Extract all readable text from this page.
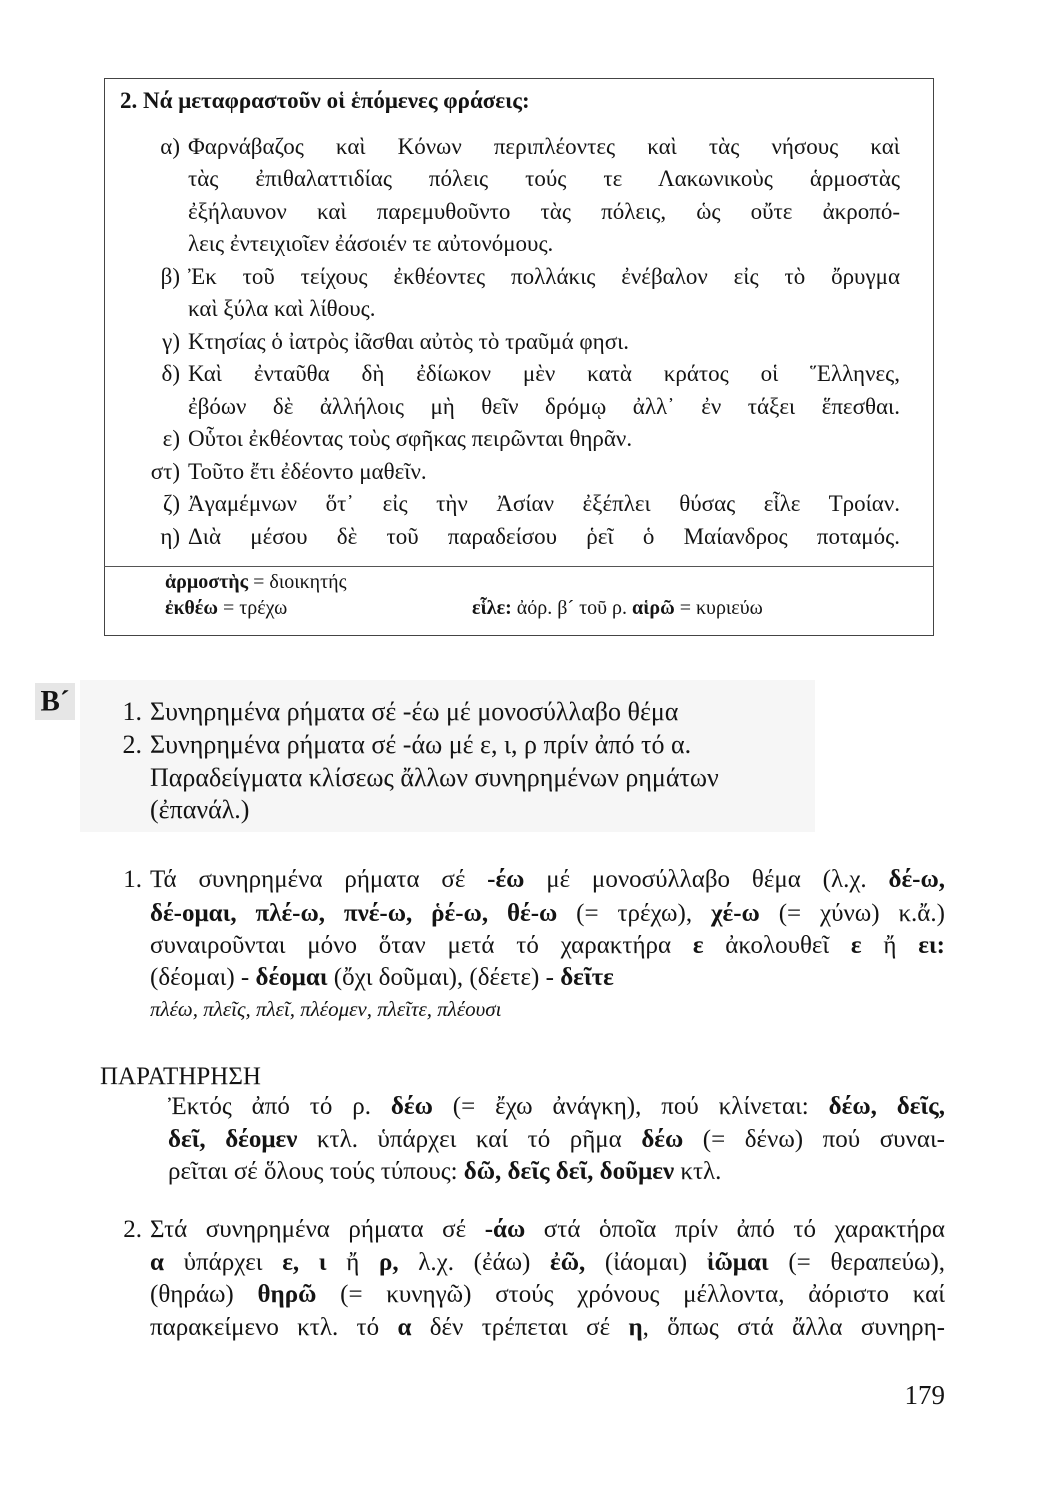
2. Νά μεταφραστοῦν οἱ ἑπόμενες φράσεις:
α) Φαρνάβαζος καὶ Κόνων περιπλέοντες καὶ τὰς νήσους καὶ
τὰς ἐπιθαλαττιδίας πόλεις τούς τε Λακωνικοὺς ἁρμοστὰς
ἐξήλαυνον καὶ παρεμυθοῦντο τὰς πόλεις, ὡς οὔτε ἀκροπό-
λεις ἐντειχιοῖεν ἐάσοιέν τε αὐτονόμους.
β) Ἐκ τοῦ τείχους ἐκθέοντες πολλάκις ἐνέβαλον εἰς τὸ ὄρυγμα
καὶ ξύλα καὶ λίθους.
γ) Κτησίας ὁ ἰατρὸς ἰᾶσθαι αὐτὸς τὸ τραῦμά φησι.
δ) Καὶ ἐνταῦθα δὴ ἐδίωκον μὲν κατὰ κράτος οἱ Ἕλληνες,
ἐβόων δὲ ἀλλήλοις μὴ θεῖν δρόμῳ ἀλλ᾽ ἐν τάξει ἕπεσθαι.
ε) Οὗτοι ἐκθέοντας τοὺς σφῆκας πειρῶνται θηρᾶν.
στ) Τοῦτο ἔτι ἐδέοντο μαθεῖν.
ζ) Ἀγαμέμνων ὅτ᾽ εἰς τὴν Ἀσίαν ἐξέπλει θύσας εἷλε Τροίαν.
η) Διὰ μέσου δὲ τοῦ παραδείσου ῥεῖ ὁ Μαίανδρος ποταμός.
ἁρμοστὴς = διοικητής
ἐκθέω = τρέχω	εἷλε: ἀόρ. β´ τοῦ ρ. αἱρῶ = κυριεύω
Β´	1. Συνηρημένα ρήματα σέ -έω μέ μονοσύλλαβο θέμα
2. Συνηρημένα ρήματα σέ -άω μέ ε, ι, ρ πρίν ἀπό τό α.
Παραδείγματα κλίσεως ἄλλων συνηρημένων ρημάτων
(ἐπανάλ.)
1. Τά συνηρημένα ρήματα σέ -έω μέ μονοσύλλαβο θέμα (λ.χ. δέ-ω,
δέ-ομαι, πλέ-ω, πνέ-ω, ῥέ-ω, θέ-ω (= τρέχω), χέ-ω (= χύνω) κ.ἄ.)
συναιροῦνται μόνο ὅταν μετά τό χαρακτήρα ε ἀκολουθεῖ ε ἤ ει:
(δέομαι) - δέομαι (ὄχι δοῦμαι), (δέετε) - δεῖτε
πλέω, πλεῖς, πλεῖ, πλέομεν, πλεῖτε, πλέουσι
ΠΑΡΑΤΗΡΗΣΗ
Ἐκτός ἀπό τό ρ. δέω (= ἔχω ἀνάγκη), πού κλίνεται: δέω, δεῖς,
δεῖ, δέομεν κτλ. ὑπάρχει καί τό ρῆμα δέω (= δένω) πού συναι-
ρεῖται σέ ὅλους τούς τύπους: δῶ, δεῖς δεῖ, δοῦμεν κτλ.
2. Στά συνηρημένα ρήματα σέ -άω στά ὁποῖα πρίν ἀπό τό χαρακτήρα
α ὑπάρχει ε, ι ἤ ρ, λ.χ. (ἐάω) ἐῶ, (ἰάομαι) ἰῶμαι (= θεραπεύω),
(θηράω) θηρῶ (= κυνηγῶ) στούς χρόνους μέλλοντα, ἀόριστο καί
παρακείμενο κτλ. τό α δέν τρέπεται σέ η, ὅπως στά ἄλλα συνηρη-
179
